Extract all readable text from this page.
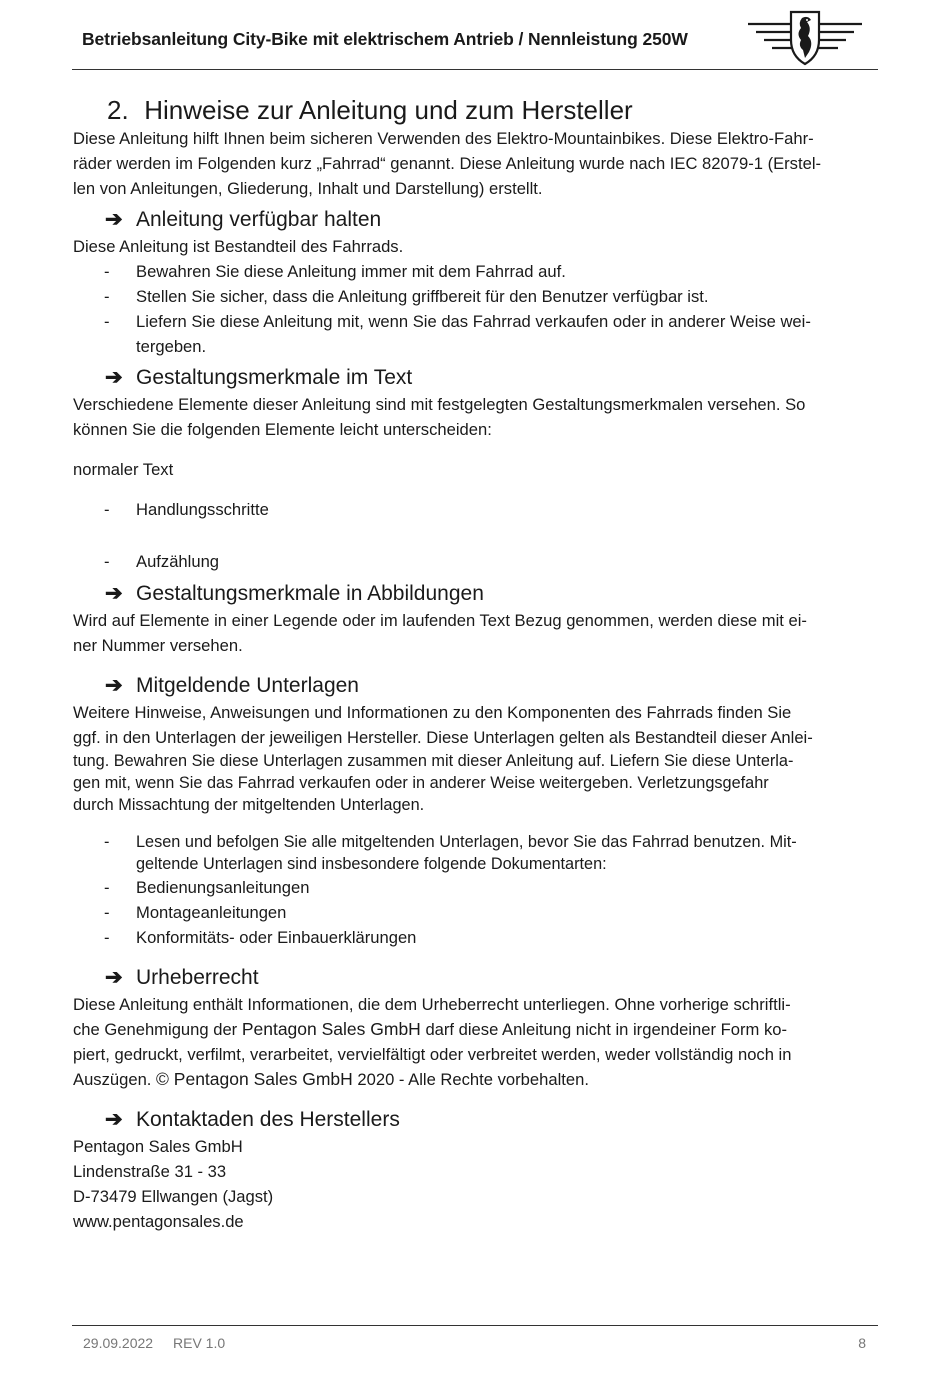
Betriebsanleitung City-Bike mit elektrischem Antrieb / Nennleistung 250W
2. Hinweise zur Anleitung und zum Hersteller

Diese Anleitung hilft Ihnen beim sicheren Verwenden des Elektro-Mountainbikes. Diese Elektro-Fahr-

räder werden im Folgenden kurz „Fahrrad“ genannt. Diese Anleitung wurde nach IEC 82079-1 (Erstel-

len von Anleitungen, Gliederung, Inhalt und Darstellung) erstellt.

➔ Anleitung verfügbar halten

Diese Anleitung ist Bestandteil des Fahrrads.

- Bewahren Sie diese Anleitung immer mit dem Fahrrad auf.
- Stellen Sie sicher, dass die Anleitung griffbereit für den Benutzer verfügbar ist.
- Liefern Sie diese Anleitung mit, wenn Sie das Fahrrad verkaufen oder in anderer Weise wei-
tergeben.
➔ Gestaltungsmerkmale im Text

Verschiedene Elemente dieser Anleitung sind mit festgelegten Gestaltungsmerkmalen versehen. So

können Sie die folgenden Elemente leicht unterscheiden:

normaler Text

- Handlungsschritte
- Aufzählung
➔ Gestaltungsmerkmale in Abbildungen

Wird auf Elemente in einer Legende oder im laufenden Text Bezug genommen, werden diese mit ei-

ner Nummer versehen.

➔ Mitgeldende Unterlagen

Weitere Hinweise, Anweisungen und Informationen zu den Komponenten des Fahrrads finden Sie

ggf. in den Unterlagen der jeweiligen Hersteller. Diese Unterlagen gelten als Bestandteil dieser Anlei-

tung. Bewahren Sie diese Unterlagen zusammen mit dieser Anleitung auf. Liefern Sie diese Unterla-

gen mit, wenn Sie das Fahrrad verkaufen oder in anderer Weise weitergeben. Verletzungsgefahr

durch Missachtung der mitgeltenden Unterlagen.

- Lesen und befolgen Sie alle mitgeltenden Unterlagen, bevor Sie das Fahrrad benutzen. Mit-
geltende Unterlagen sind insbesondere folgende Dokumentarten:
- Bedienungsanleitungen
- Montageanleitungen
- Konformitäts- oder Einbauerklärungen
➔ Urheberrecht

Diese Anleitung enthält Informationen, die dem Urheberrecht unterliegen. Ohne vorherige schriftli-

che Genehmigung der Pentagon Sales GmbH darf diese Anleitung nicht in irgendeiner Form ko-

piert, gedruckt, verfilmt, verarbeitet, vervielfältigt oder verbreitet werden, weder vollständig noch in

Auszügen. © Pentagon Sales GmbH 2020 - Alle Rechte vorbehalten.

➔ Kontaktaden des Herstellers

Pentagon Sales GmbH

Lindenstraße 31 - 33

D-73479 Ellwangen (Jagst)

www.pentagonsales.de

29.09.2022 REV 1.0	8
